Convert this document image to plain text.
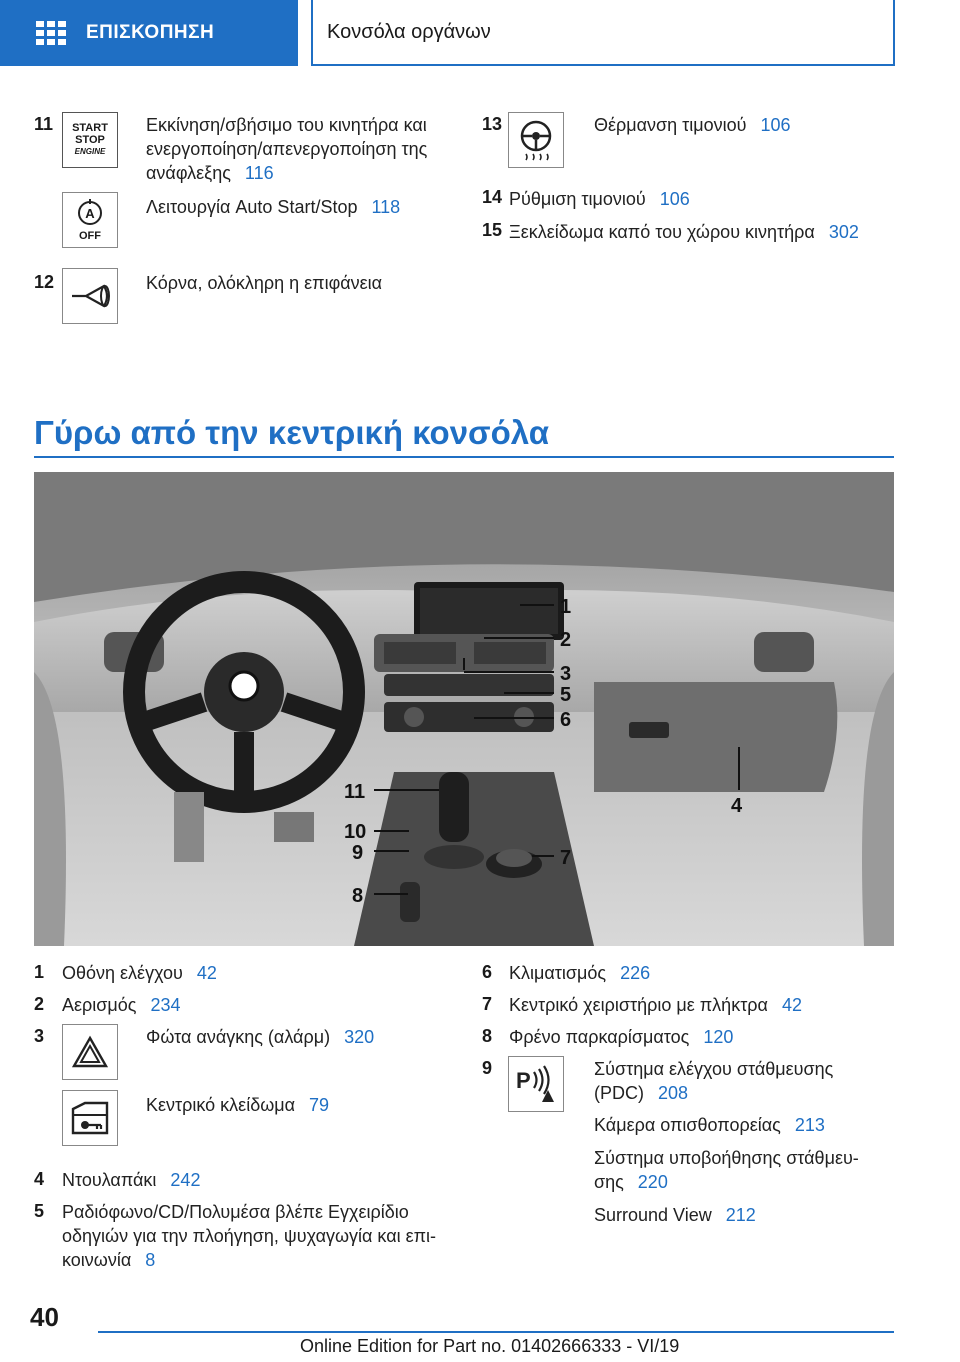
ΕΠΙΣΚΟΠΗΣΗ	Κονσόλα οργάνων
11 START
STOP
ENGINE
Εκκίνηση/σβήσιμο του κινητήρα και ενεργοποίηση/απενεργοποίηση της ανάφλεξης 116
A
OFF
Λειτουργία Auto Start/Stop 118
12	Κόρνα, ολόκληρη η επιφάνεια
13	Θέρμανση τιμονιού 106
14 Ρύθμιση τιμονιού 106
15 Ξεκλείδωμα καπό του χώρου κινητήρα 302
Γύρω από την κεντρική κονσόλα
1
2
3
5
6
4
11
10
9	7
8
1 Οθόνη ελέγχου 42
2 Αερισμός 234
3	Φώτα ανάγκης (αλάρμ) 320
Κεντρικό κλείδωμα 79
4 Ντουλαπάκι 242
5 Ραδιόφωνο/CD/Πολυμέσα βλέπε Εγχειρίδιο οδηγιών για την πλοήγηση, ψυχαγωγία και επι-κοινωνία 8
6 Κλιματισμός 226
7 Κεντρικό χειριστήριο με πλήκτρα 42
8 Φρένο παρκαρίσματος 120
9 P	Σύστημα ελέγχου στάθμευσης (PDC) 208
Κάμερα οπισθοπορείας 213
Σύστημα υποβοήθησης στάθμευ-σης 220
Surround View 212
40
Online Edition for Part no. 01402666333 - VI/19
